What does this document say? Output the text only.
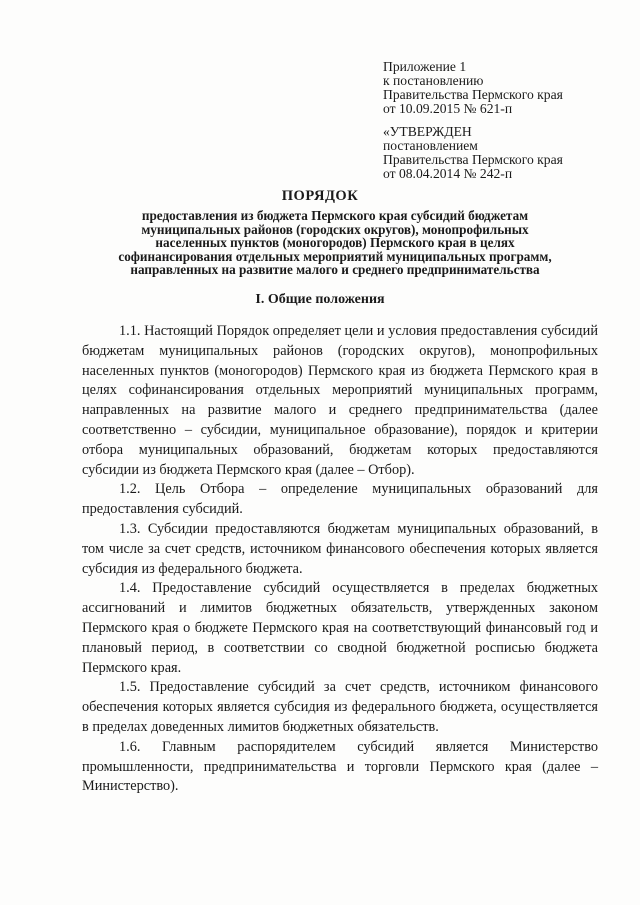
Приложение 1
к постановлению
Правительства Пермского края
от 10.09.2015 № 621-п
«УТВЕРЖДЕН
постановлением
Правительства Пермского края
от 08.04.2014 № 242-п
ПОРЯДОК
предоставления из бюджета Пермского края субсидий бюджетам
муниципальных районов (городских округов), монопрофильных
населенных пунктов (моногородов) Пермского края в целях
софинансирования отдельных мероприятий муниципальных программ,
направленных на развитие малого и среднего предпринимательства
I. Общие положения

1.1. Настоящий Порядок определяет цели и условия предоставления субсидий бюджетам муниципальных районов (городских округов), монопрофильных населенных пунктов (моногородов) Пермского края из бюджета Пермского края в целях софинансирования отдельных мероприятий муниципальных программ, направленных на развитие малого и среднего предпринимательства (далее соответственно – субсидии, муниципальное образование), порядок и критерии отбора муниципальных образований, бюджетам которых предоставляются субсидии из бюджета Пермского края (далее – Отбор).

1.2. Цель Отбора – определение муниципальных образований для предоставления субсидий.

1.3. Субсидии предоставляются бюджетам муниципальных образований, в том числе за счет средств, источником финансового обеспечения которых является субсидия из федерального бюджета.

1.4. Предоставление субсидий осуществляется в пределах бюджетных ассигнований и лимитов бюджетных обязательств, утвержденных законом Пермского края о бюджете Пермского края на соответствующий финансовый год и плановый период, в соответствии со сводной бюджетной росписью бюджета Пермского края.

1.5. Предоставление субсидий за счет средств, источником финансового обеспечения которых является субсидия из федерального бюджета, осуществляется в пределах доведенных лимитов бюджетных обязательств.

1.6. Главным распорядителем субсидий является Министерство промышленности, предпринимательства и торговли Пермского края (далее – Министерство).
